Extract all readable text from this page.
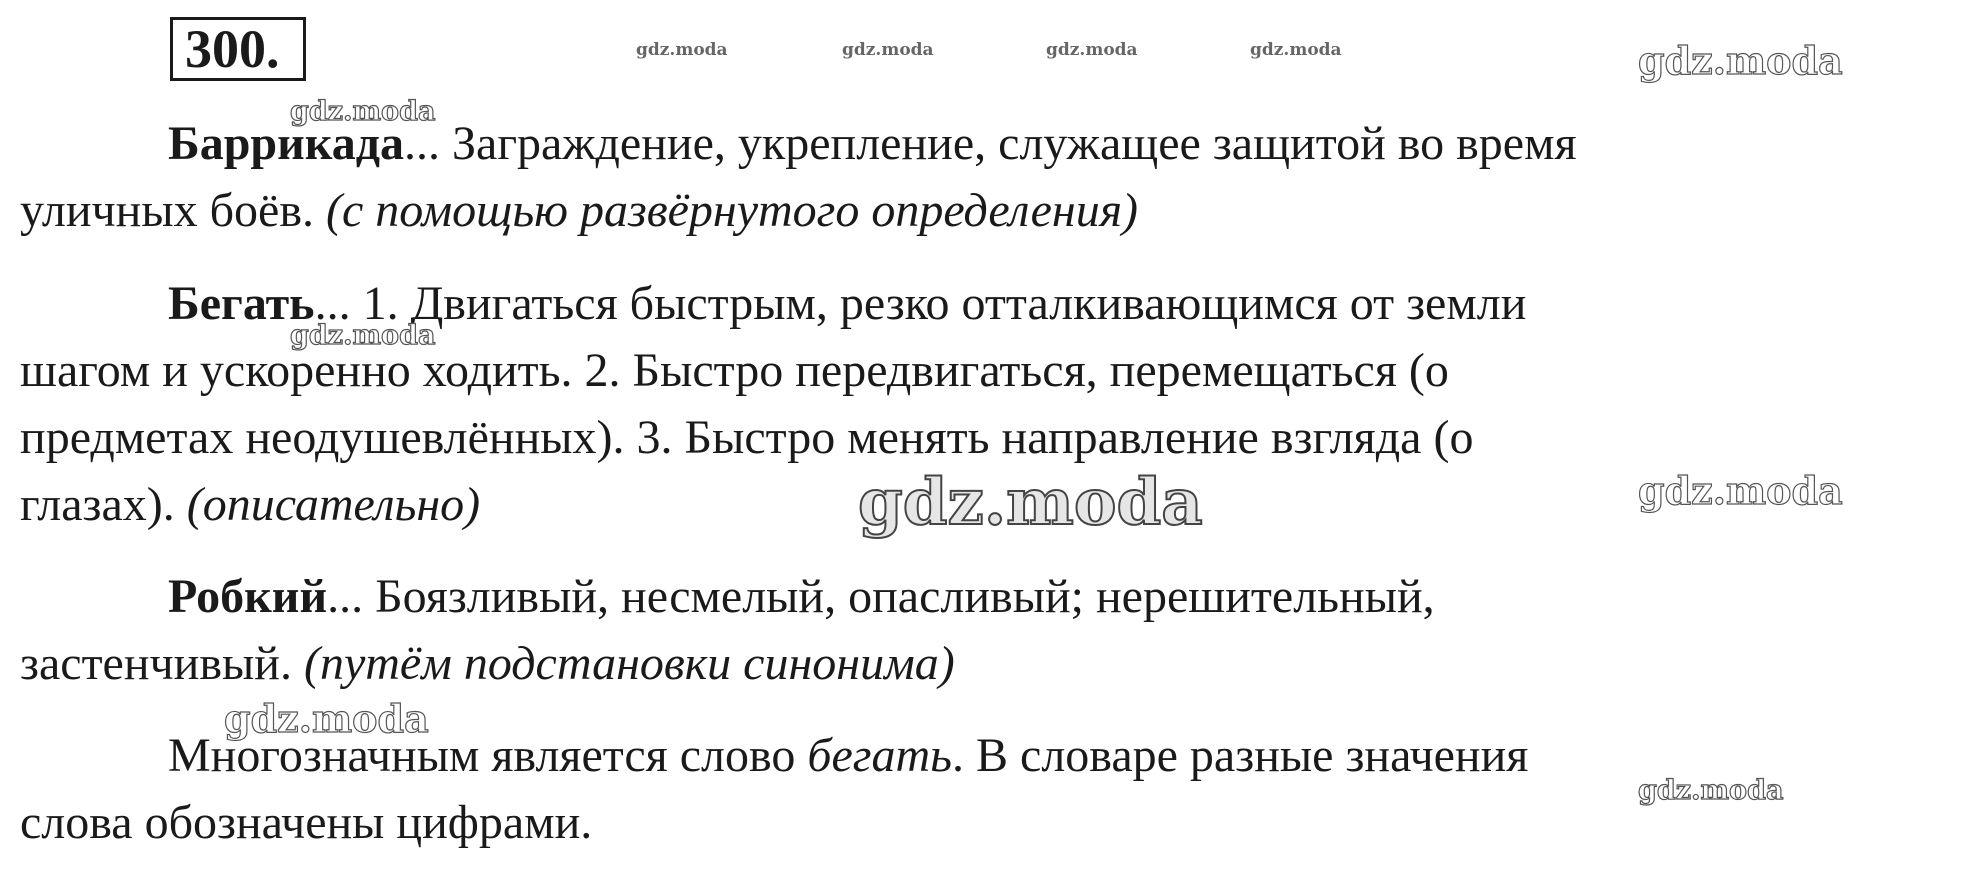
300.
Баррикада... Заграждение, укрепление, служащее защитой во время
уличных боёв. (с помощью развёрнутого определения)
Бегать... 1. Двигаться быстрым, резко отталкивающимся от земли
шагом и ускоренно ходить. 2. Быстро передвигаться, перемещаться (о
предметах неодушевлённых). 3. Быстро менять направление взгляда (о
глазах). (описательно)
Робкий... Боязливый, несмелый, опасливый; нерешительный,
застенчивый. (путём подстановки синонима)
Многозначным является слово бегать. В словаре разные значения
слова обозначены цифрами.
gdz.moda	gdz.moda	gdz.moda	gdz.moda	gdz.moda
gdz.moda
gdz.moda
gdz.moda	gdz.moda
gdz.moda
gdz.moda
